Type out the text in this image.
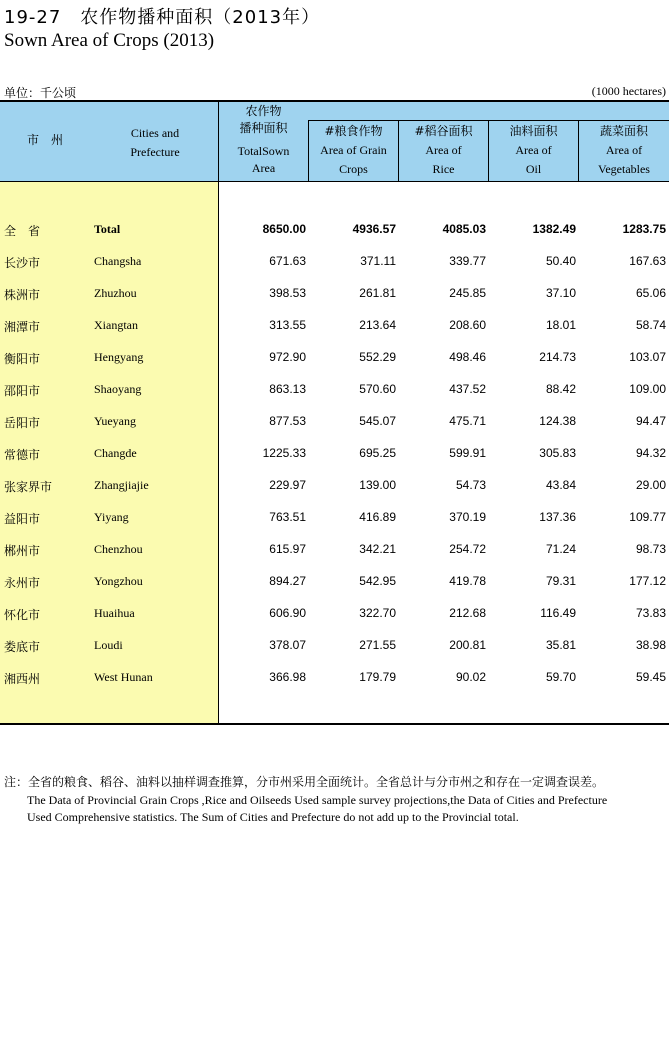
19-27　农作物播种面积（2013年）
Sown Area of Crops (2013)
单位：千公顷	(1000 hectares)
市　州	Cities and
Prefecture
农作物
播种面积
TotalSown
Area
#粮食作物
Area of Grain
Crops
#稻谷面积
Area of
Rice
油料面积
Area of
Oil
蔬菜面积
Area of
Vegetables
全　省	Total	8650.00	4936.57	4085.03	1382.49	1283.75
长沙市	Changsha	671.63	371.11	339.77	50.40	167.63
株洲市	Zhuzhou	398.53	261.81	245.85	37.10	65.06
湘潭市	Xiangtan	313.55	213.64	208.60	18.01	58.74
衡阳市	Hengyang	972.90	552.29	498.46	214.73	103.07
邵阳市	Shaoyang	863.13	570.60	437.52	88.42	109.00
岳阳市	Yueyang	877.53	545.07	475.71	124.38	94.47
常德市	Changde	1225.33	695.25	599.91	305.83	94.32
张家界市	Zhangjiajie	229.97	139.00	54.73	43.84	29.00
益阳市	Yiyang	763.51	416.89	370.19	137.36	109.77
郴州市	Chenzhou	615.97	342.21	254.72	71.24	98.73
永州市	Yongzhou	894.27	542.95	419.78	79.31	177.12
怀化市	Huaihua	606.90	322.70	212.68	116.49	73.83
娄底市	Loudi	378.07	271.55	200.81	35.81	38.98
湘西州	West Hunan	366.98	179.79	90.02	59.70	59.45
注：全省的粮食、稻谷、油料以抽样调查推算，分市州采用全面统计。全省总计与分市州之和存在一定调查误差。
The Data of Provincial Grain Crops ,Rice and Oilseeds Used sample survey projections,the Data of Cities and Prefecture
Used Comprehensive statistics. The Sum of Cities and Prefecture do not add up to the Provincial total.
